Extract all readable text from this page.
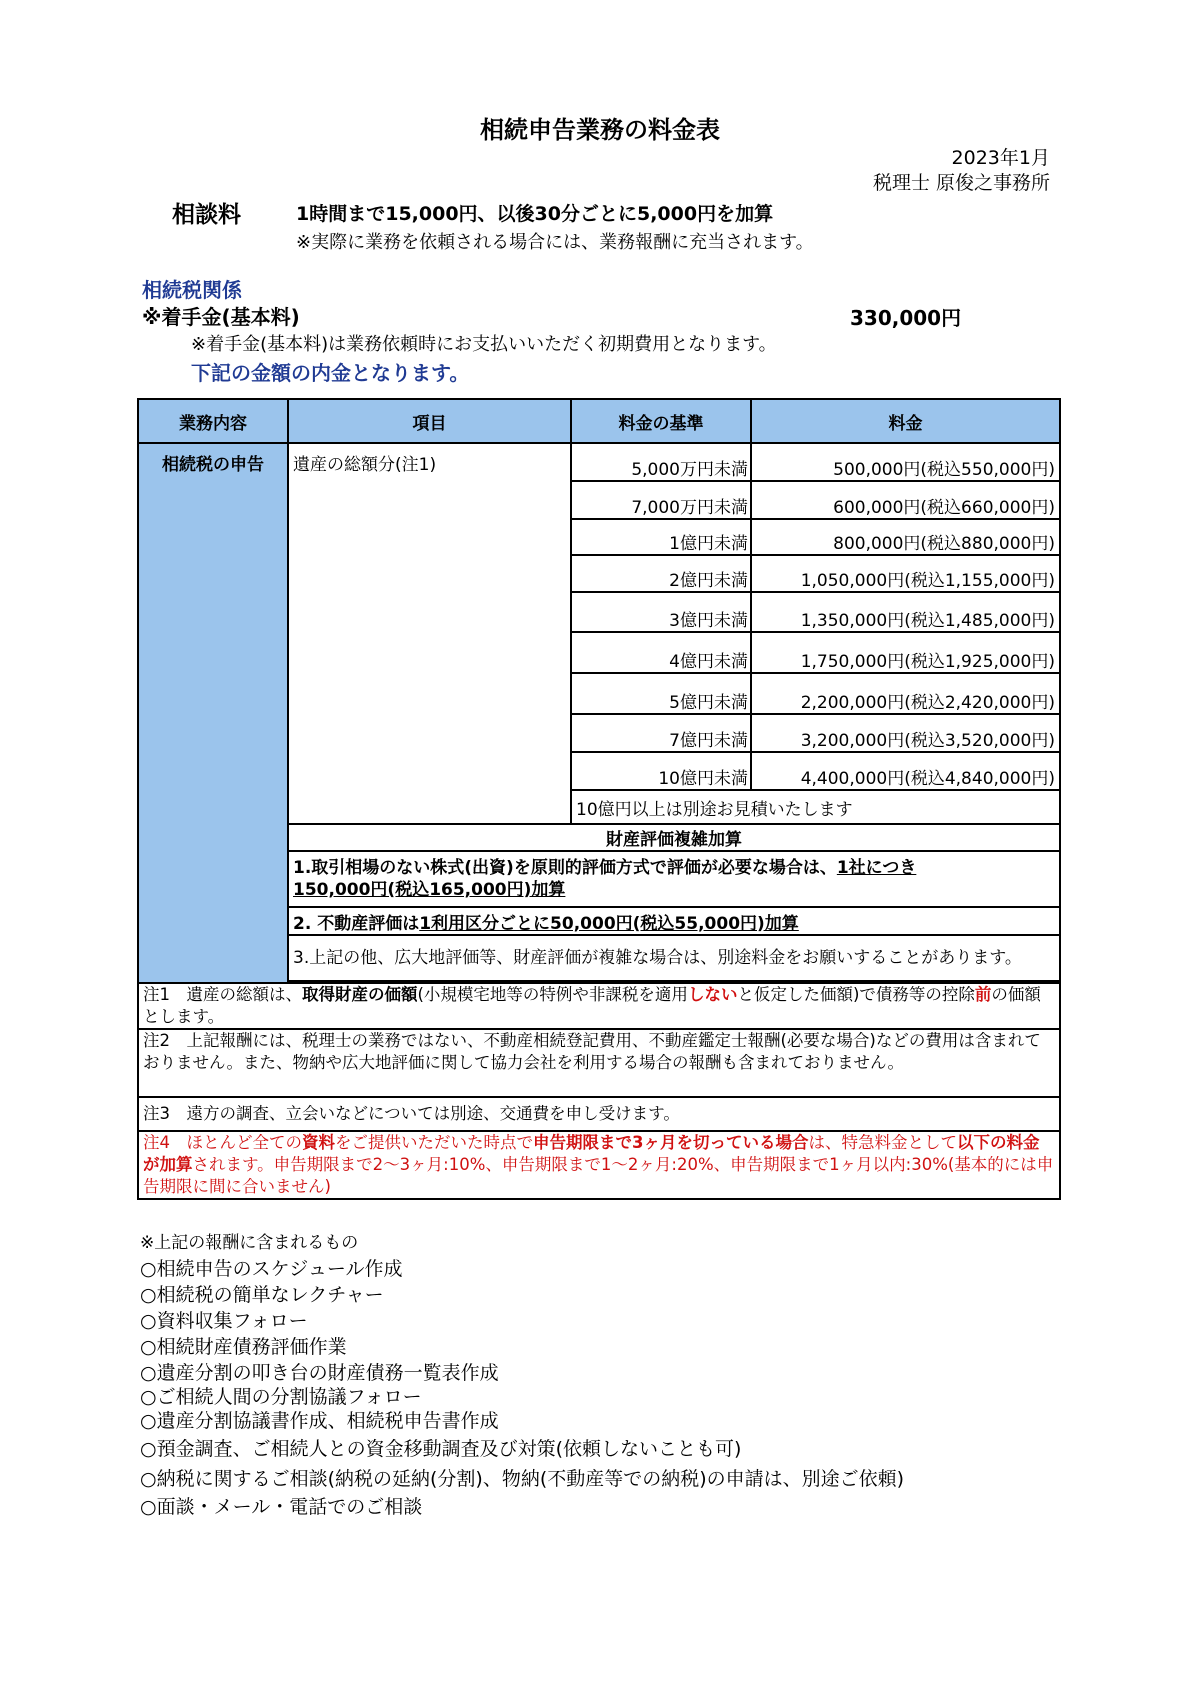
相続申告業務の料金表
2023年1月
税理士 原俊之事務所
相談料	1時間まで15,000円、以後30分ごとに5,000円を加算
※実際に業務を依頼される場合には、業務報酬に充当されます。
相続税関係
※着手金(基本料)	330,000円
※着手金(基本料)は業務依頼時にお支払いいただく初期費用となります。
下記の金額の内金となります。
業務内容	項目	料金の基準	料金
相続税の申告	遺産の総額分(注1)	5,000万円未満	500,000円(税込550,000円)
		7,000万円未満	600,000円(税込660,000円)
		1億円未満	800,000円(税込880,000円)
		2億円未満	1,050,000円(税込1,155,000円)
		3億円未満	1,350,000円(税込1,485,000円)
		4億円未満	1,750,000円(税込1,925,000円)
		5億円未満	2,200,000円(税込2,420,000円)
		7億円未満	3,200,000円(税込3,520,000円)
		10億円未満	4,400,000円(税込4,840,000円)
		10億円以上は別途お見積いたします	
	財産評価複雑加算		
	1.取引相場のない株式(出資)を原則的評価方式で評価が必要な場合は、1社につき
150,000円(税込165,000円)加算		
	2. 不動産評価は1利用区分ごとに50,000円(税込55,000円)加算		
	3.上記の他、広大地評価等、財産評価が複雑な場合は、別途料金をお願いすることがあります。		

注1　遺産の総額は、取得財産の価額(小規模宅地等の特例や非課税を適用しないと仮定した価額)で債務等の控除前の価額とします。			
注2　上記報酬には、税理士の業務ではない、不動産相続登記費用、不動産鑑定士報酬(必要な場合)などの費用は含まれておりません。また、物納や広大地評価に関して協力会社を利用する場合の報酬も含まれておりません。			
注3　遠方の調査、立会いなどについては別途、交通費を申し受けます。			
注4　ほとんど全ての資料をご提供いただいた時点で申告期限まで3ヶ月を切っている場合は、特急料金として以下の料金が加算されます。申告期限まで2～3ヶ月:10%、申告期限まで1～2ヶ月:20%、申告期限まで1ヶ月以内:30%(基本的には申告期限に間に合いません)			
※上記の報酬に含まれるもの
○相続申告のスケジュール作成
○相続税の簡単なレクチャー
○資料収集フォロー
○相続財産債務評価作業
○遺産分割の叩き台の財産債務一覧表作成
○ご相続人間の分割協議フォロー
○遺産分割協議書作成、相続税申告書作成
○預金調査、ご相続人との資金移動調査及び対策(依頼しないことも可)
○納税に関するご相談(納税の延納(分割)、物納(不動産等での納税)の申請は、別途ご依頼)
○面談・メール・電話でのご相談
